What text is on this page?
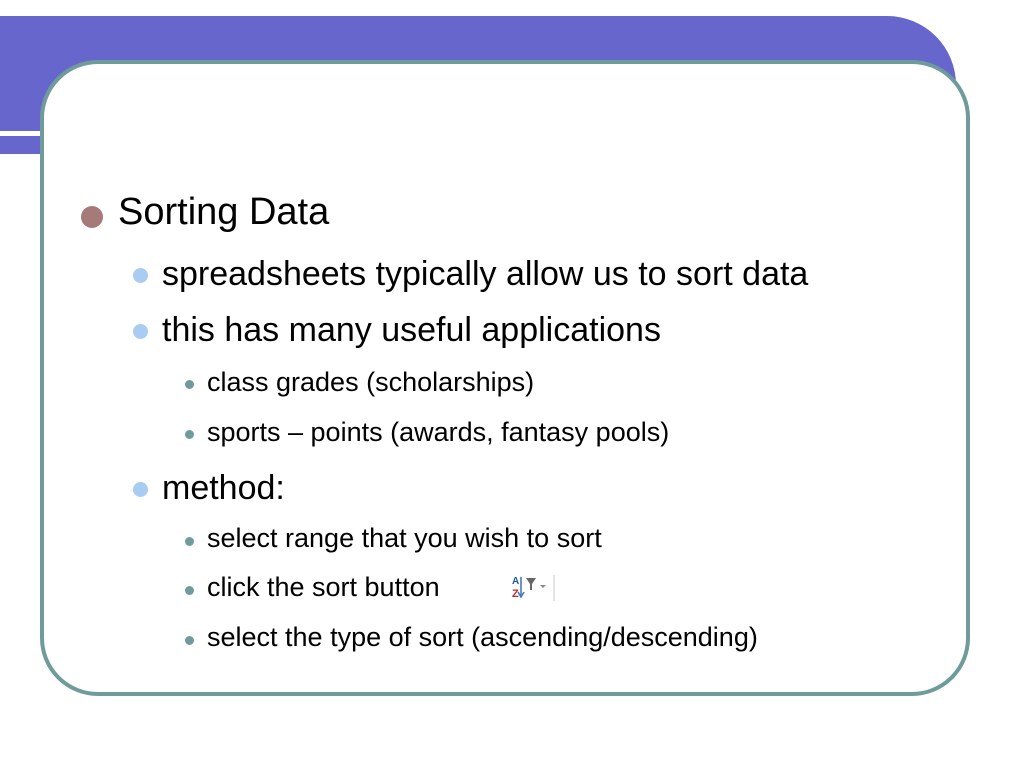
Sorting Data
spreadsheets typically allow us to sort data
this has many useful applications
class grades (scholarships)
sports – points (awards, fantasy pools)
method:
select range that you wish to sort
click the sort button	A
Z
select the type of sort (ascending/descending)
